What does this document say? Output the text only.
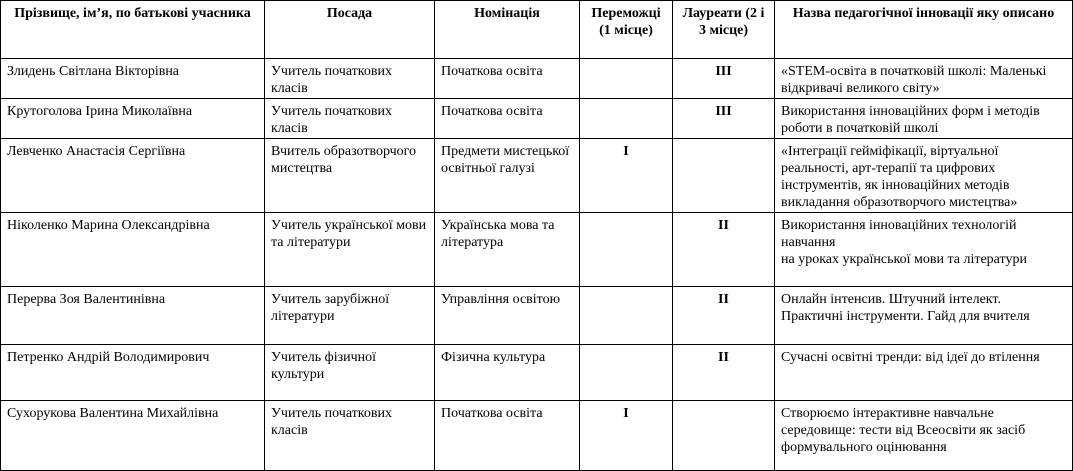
Прізвище, ім’я, по батькові учасника	Посада	Номінація	Переможці (1 місце)	Лауреати (2 і 3 місце)	Назва педагогічної інновації яку описано
Злидень Світлана Вікторівна	Учитель початкових класів	Початкова освіта		ІІІ	«STEM-освіта в початковій школі: Маленькі відкривачі великого світу»
Крутоголова Ірина Миколаївна	Учитель початкових класів	Початкова освіта		ІІІ	Використання інноваційних форм і методів роботи в початковій школі
Левченко Анастасія Сергіївна	Вчитель образотворчого мистецтва	Предмети мистецької освітньої галузі	І		«Інтеграції гейміфікації, віртуальної реальності, арт-терапії та цифрових інструментів, як інноваційних методів викладання образотворчого мистецтва»
Ніколенко Марина Олександрівна	Учитель української мови та літератури	Українська мова та література		ІІ	Використання інноваційних технологій навчання
на уроках української мови та літератури
Перерва Зоя Валентинівна	Учитель зарубіжної літератури	Управління освітою		ІІ	Онлайн інтенсив. Штучний інтелект. Практичні інструменти. Гайд для вчителя
Петренко Андрій Володимирович	Учитель фізичної культури	Фізична культура		ІІ	Сучасні освітні тренди: від ідеї до втілення
Сухорукова Валентина Михайлівна	Учитель початкових класів	Початкова освіта	І		Створюємо інтерактивне навчальне середовище: тести від Всеосвіти як засіб формувального оцінювання
